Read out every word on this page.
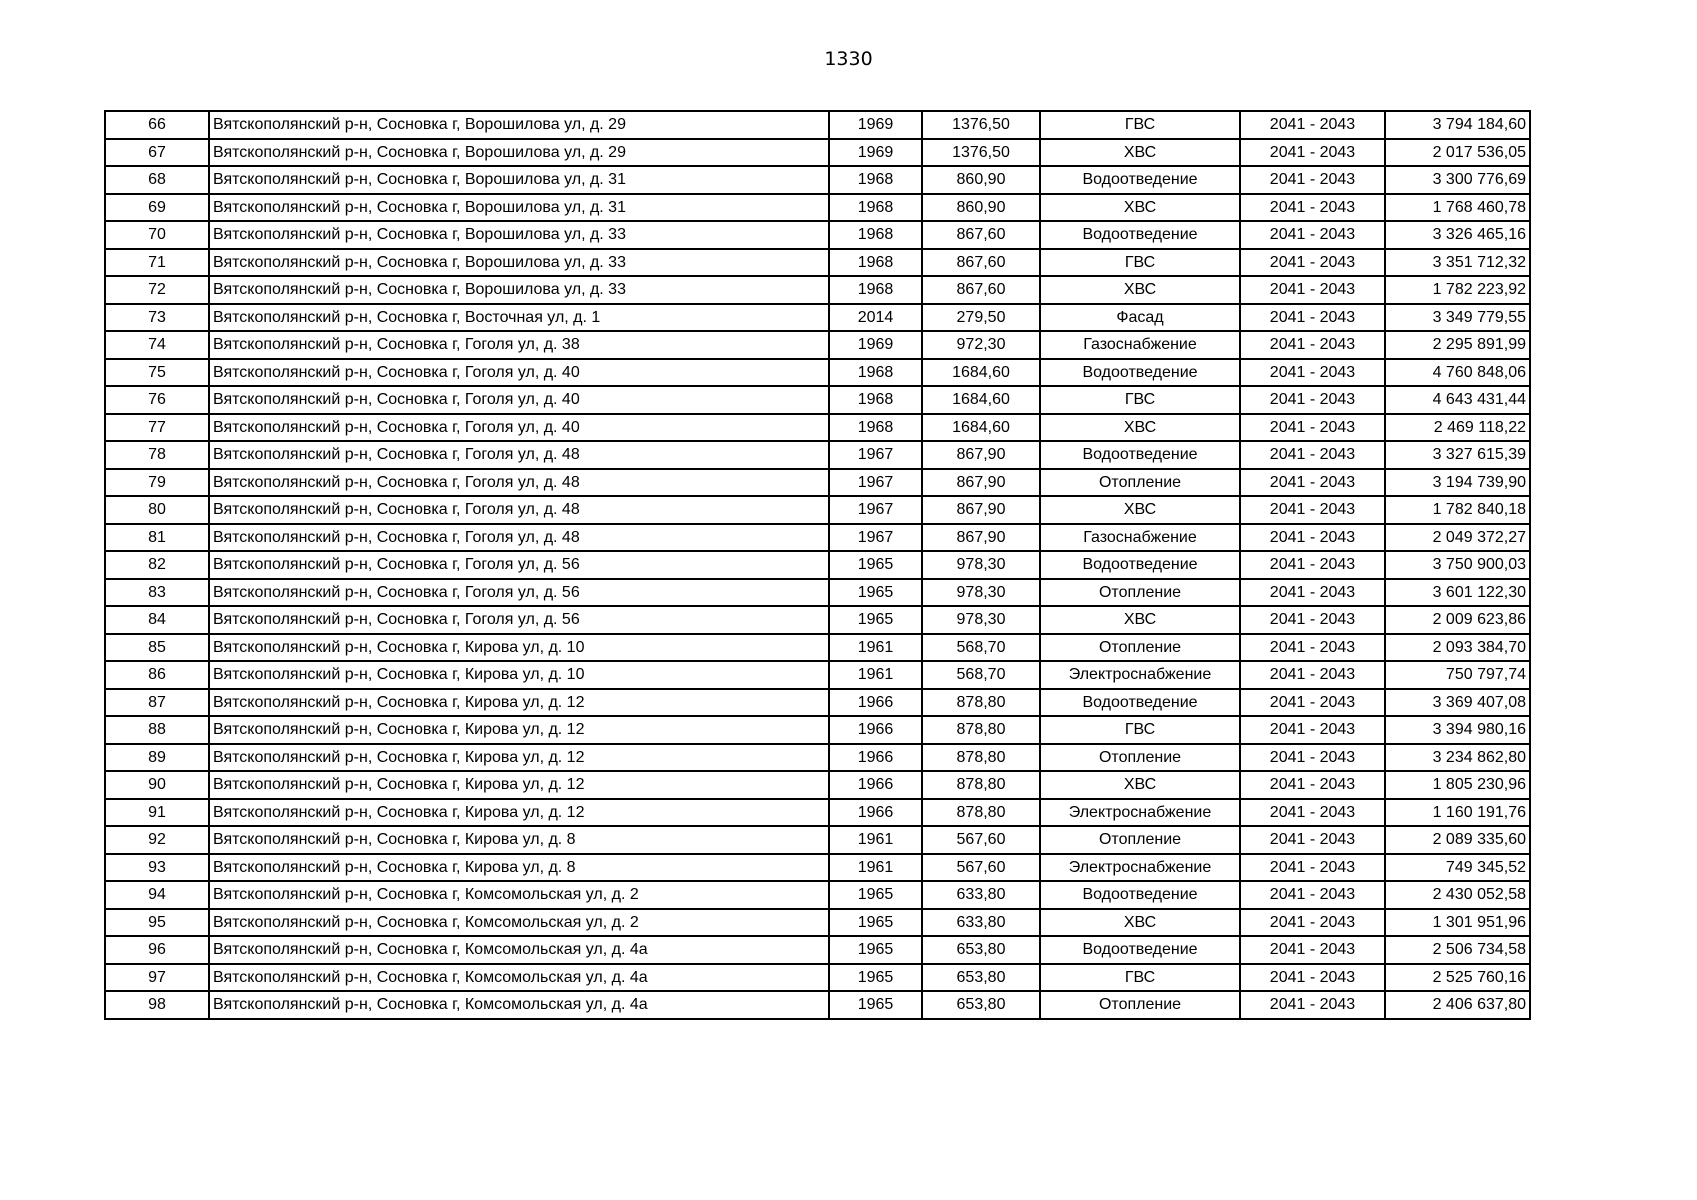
1330
66	Вятскополянский р-н, Сосновка г, Ворошилова ул, д. 29	1969	1376,50	ГВС	2041 - 2043	3 794 184,60
67	Вятскополянский р-н, Сосновка г, Ворошилова ул, д. 29	1969	1376,50	ХВС	2041 - 2043	2 017 536,05
68	Вятскополянский р-н, Сосновка г, Ворошилова ул, д. 31	1968	860,90	Водоотведение	2041 - 2043	3 300 776,69
69	Вятскополянский р-н, Сосновка г, Ворошилова ул, д. 31	1968	860,90	ХВС	2041 - 2043	1 768 460,78
70	Вятскополянский р-н, Сосновка г, Ворошилова ул, д. 33	1968	867,60	Водоотведение	2041 - 2043	3 326 465,16
71	Вятскополянский р-н, Сосновка г, Ворошилова ул, д. 33	1968	867,60	ГВС	2041 - 2043	3 351 712,32
72	Вятскополянский р-н, Сосновка г, Ворошилова ул, д. 33	1968	867,60	ХВС	2041 - 2043	1 782 223,92
73	Вятскополянский р-н, Сосновка г, Восточная ул, д. 1	2014	279,50	Фасад	2041 - 2043	3 349 779,55
74	Вятскополянский р-н, Сосновка г, Гоголя ул, д. 38	1969	972,30	Газоснабжение	2041 - 2043	2 295 891,99
75	Вятскополянский р-н, Сосновка г, Гоголя ул, д. 40	1968	1684,60	Водоотведение	2041 - 2043	4 760 848,06
76	Вятскополянский р-н, Сосновка г, Гоголя ул, д. 40	1968	1684,60	ГВС	2041 - 2043	4 643 431,44
77	Вятскополянский р-н, Сосновка г, Гоголя ул, д. 40	1968	1684,60	ХВС	2041 - 2043	2 469 118,22
78	Вятскополянский р-н, Сосновка г, Гоголя ул, д. 48	1967	867,90	Водоотведение	2041 - 2043	3 327 615,39
79	Вятскополянский р-н, Сосновка г, Гоголя ул, д. 48	1967	867,90	Отопление	2041 - 2043	3 194 739,90
80	Вятскополянский р-н, Сосновка г, Гоголя ул, д. 48	1967	867,90	ХВС	2041 - 2043	1 782 840,18
81	Вятскополянский р-н, Сосновка г, Гоголя ул, д. 48	1967	867,90	Газоснабжение	2041 - 2043	2 049 372,27
82	Вятскополянский р-н, Сосновка г, Гоголя ул, д. 56	1965	978,30	Водоотведение	2041 - 2043	3 750 900,03
83	Вятскополянский р-н, Сосновка г, Гоголя ул, д. 56	1965	978,30	Отопление	2041 - 2043	3 601 122,30
84	Вятскополянский р-н, Сосновка г, Гоголя ул, д. 56	1965	978,30	ХВС	2041 - 2043	2 009 623,86
85	Вятскополянский р-н, Сосновка г, Кирова ул, д. 10	1961	568,70	Отопление	2041 - 2043	2 093 384,70
86	Вятскополянский р-н, Сосновка г, Кирова ул, д. 10	1961	568,70	Электроснабжение	2041 - 2043	750 797,74
87	Вятскополянский р-н, Сосновка г, Кирова ул, д. 12	1966	878,80	Водоотведение	2041 - 2043	3 369 407,08
88	Вятскополянский р-н, Сосновка г, Кирова ул, д. 12	1966	878,80	ГВС	2041 - 2043	3 394 980,16
89	Вятскополянский р-н, Сосновка г, Кирова ул, д. 12	1966	878,80	Отопление	2041 - 2043	3 234 862,80
90	Вятскополянский р-н, Сосновка г, Кирова ул, д. 12	1966	878,80	ХВС	2041 - 2043	1 805 230,96
91	Вятскополянский р-н, Сосновка г, Кирова ул, д. 12	1966	878,80	Электроснабжение	2041 - 2043	1 160 191,76
92	Вятскополянский р-н, Сосновка г, Кирова ул, д. 8	1961	567,60	Отопление	2041 - 2043	2 089 335,60
93	Вятскополянский р-н, Сосновка г, Кирова ул, д. 8	1961	567,60	Электроснабжение	2041 - 2043	749 345,52
94	Вятскополянский р-н, Сосновка г, Комсомольская ул, д. 2	1965	633,80	Водоотведение	2041 - 2043	2 430 052,58
95	Вятскополянский р-н, Сосновка г, Комсомольская ул, д. 2	1965	633,80	ХВС	2041 - 2043	1 301 951,96
96	Вятскополянский р-н, Сосновка г, Комсомольская ул, д. 4а	1965	653,80	Водоотведение	2041 - 2043	2 506 734,58
97	Вятскополянский р-н, Сосновка г, Комсомольская ул, д. 4а	1965	653,80	ГВС	2041 - 2043	2 525 760,16
98	Вятскополянский р-н, Сосновка г, Комсомольская ул, д. 4а	1965	653,80	Отопление	2041 - 2043	2 406 637,80
